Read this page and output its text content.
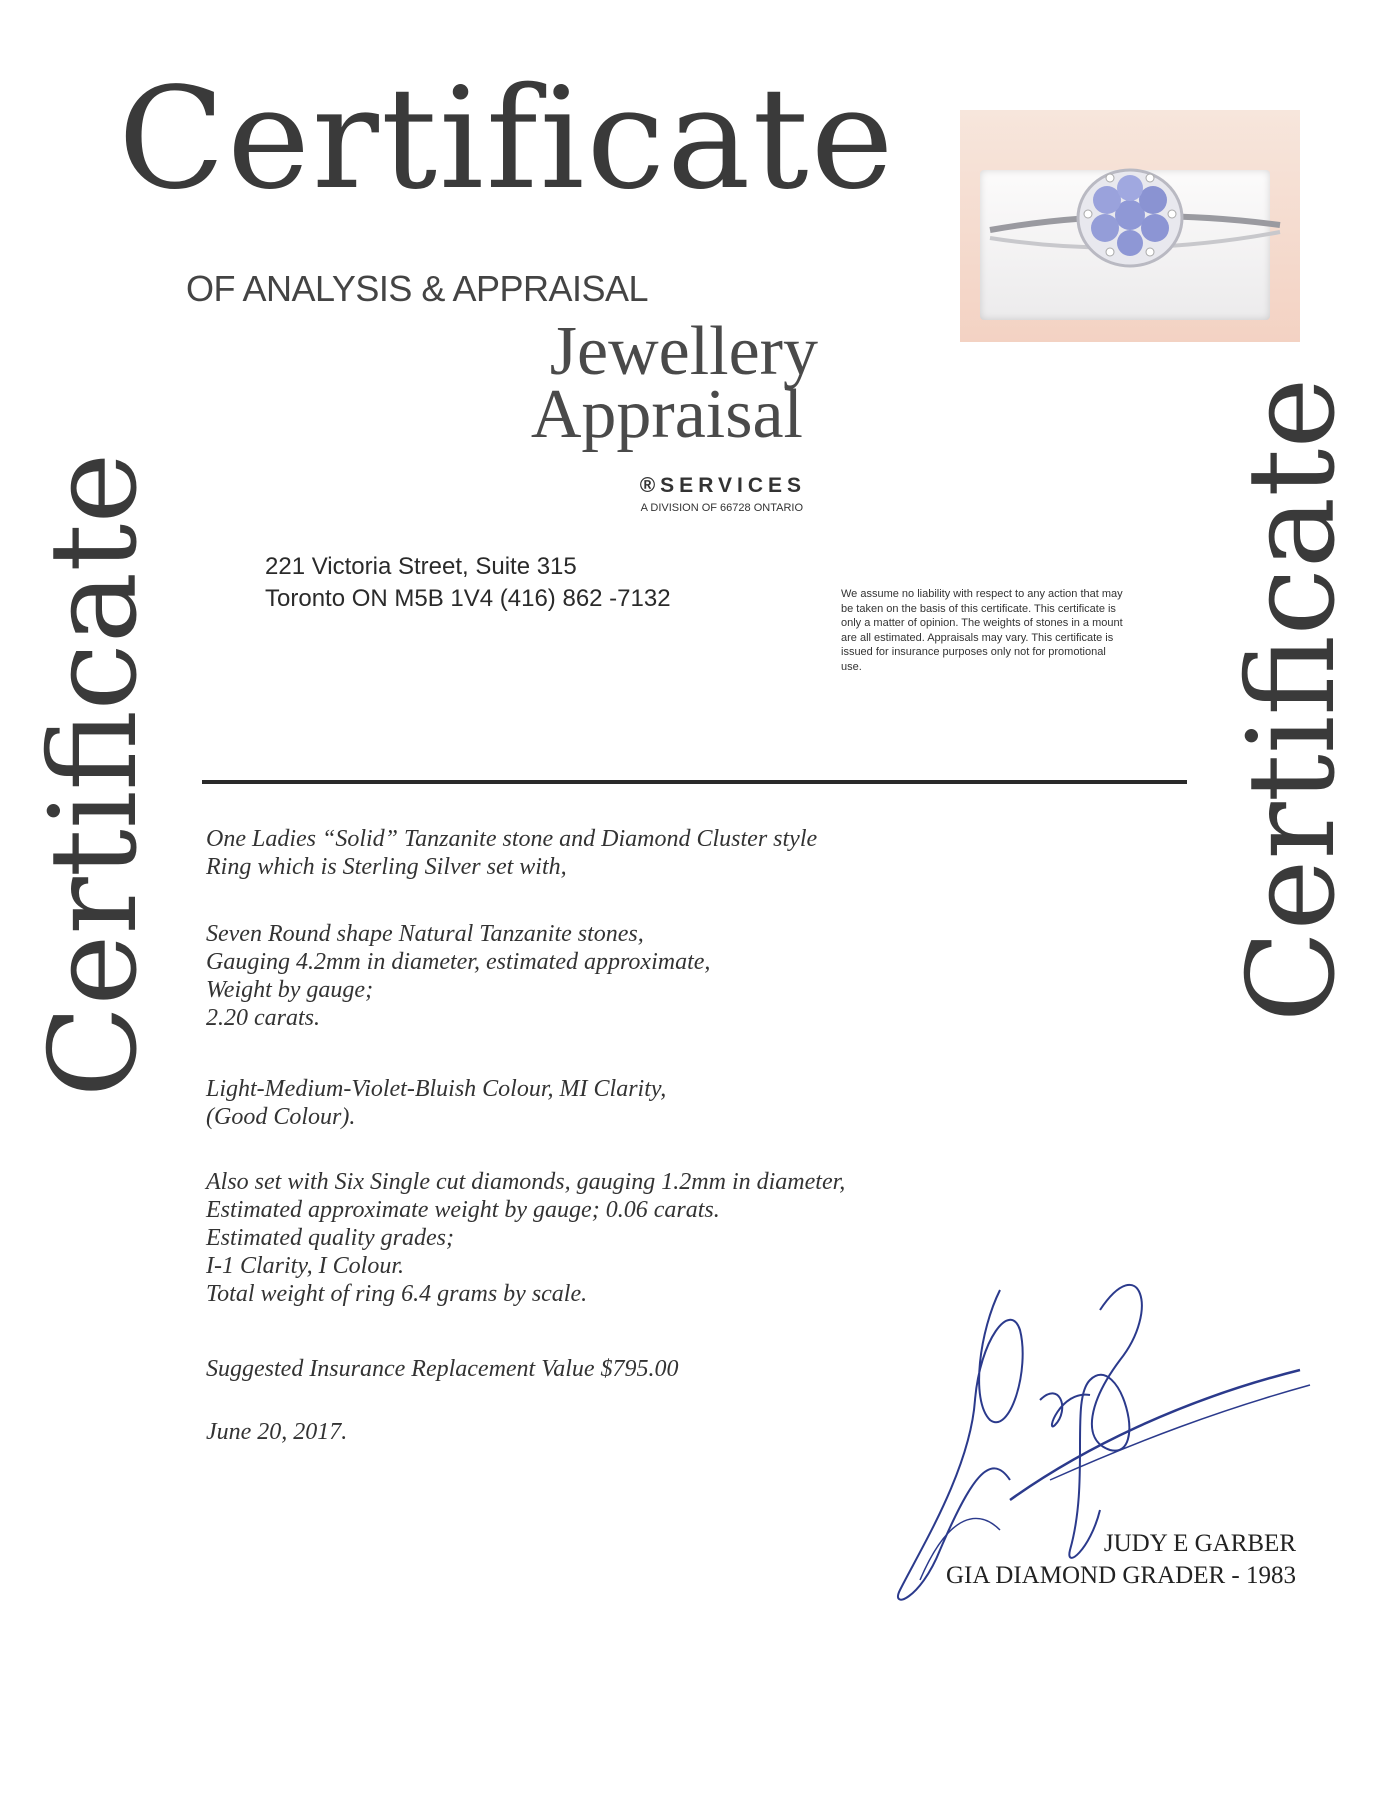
Certificate
Certificate	Certificate
OF ANALYSIS & APPRAISAL
Jewellery
Appraisal
®SERVICES
A DIVISION OF 66728 ONTARIO
221 Victoria Street, Suite 315
Toronto ON M5B 1V4 (416) 862 -7132	We assume no liability with respect to any action that may be taken on the basis of this certificate. This certificate is only a matter of opinion. The weights of stones in a mount are all estimated. Appraisals may vary. This certificate is issued for insurance purposes only not for promotional use.
One Ladies “Solid” Tanzanite stone and Diamond Cluster style
Ring which is Sterling Silver set with,
Seven Round shape Natural Tanzanite stones,
Gauging 4.2mm in diameter, estimated approximate,
Weight by gauge;
2.20 carats.
Light-Medium-Violet-Bluish Colour, MI Clarity,
(Good Colour).
Also set with Six Single cut diamonds, gauging 1.2mm in diameter,
Estimated approximate weight by gauge; 0.06 carats.
Estimated quality grades;
I-1 Clarity, I Colour.
Total weight of ring 6.4 grams by scale.
Suggested Insurance Replacement Value $795.00
June 20, 2017.
JUDY E GARBER
GIA DIAMOND GRADER - 1983
